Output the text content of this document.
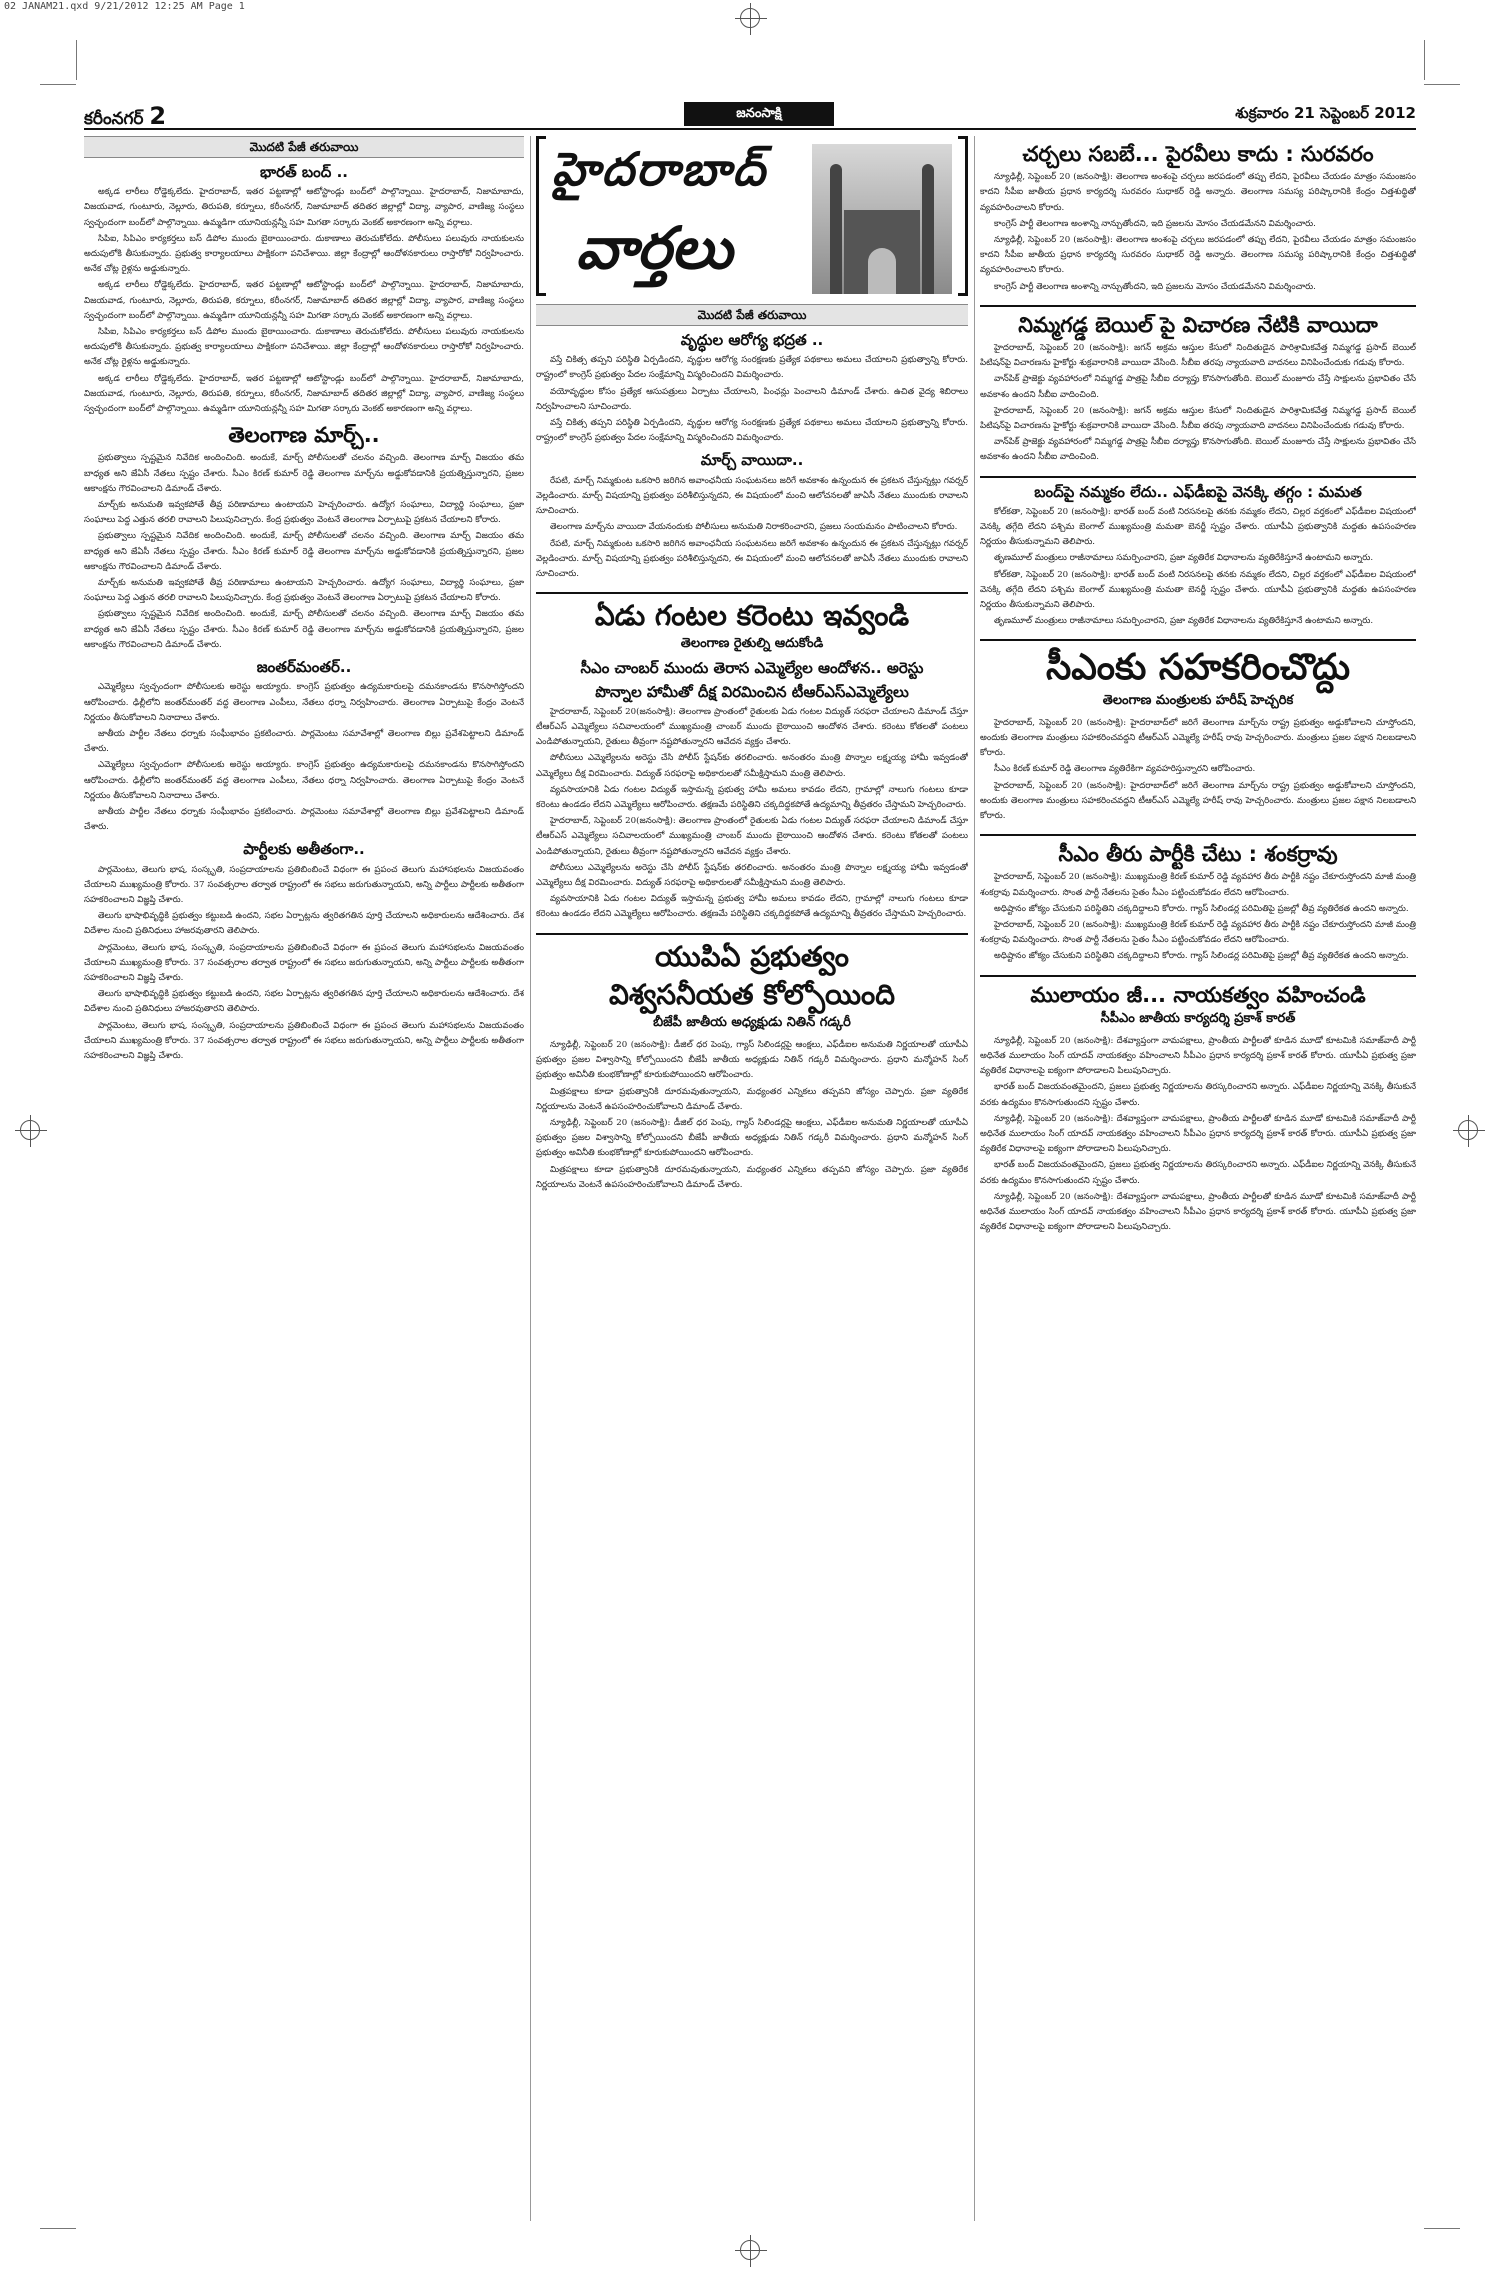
02 JANAM21.qxd 9/21/2012 12:25 AM Page 1
కరీంనగర్ 2	జనంసాక్షి	శుక్రవారం 21 సెప్టెంబర్ 2012
మొదటి పేజీ తరువాయి
భారత్ బంద్ ..

అక్కడ లారీలు రోడ్డెక్కలేదు. హైదరాబాద్, ఇతర పట్టణాల్లో ఆటోస్టాండ్లు బంద్‌లో పాల్గొన్నాయి. హైదరాబాద్, నిజామాబాదు, విజయవాడ, గుంటూరు, నెల్లూరు, తిరుపతి, కర్నూలు, కరీంనగర్, నిజామాబాద్ తదితర జిల్లాల్లో విద్యా, వ్యాపార, వాణిజ్య సంస్థలు స్వచ్ఛందంగా బంద్‌లో పాల్గొన్నాయి. ఉమ్మడిగా యూనియన్లన్నీ సహ మిగతా సర్కారు వెంకట్‌ అకారణంగా అన్ని వర్గాలు.

సిపిఐ, సిపిఎం కార్యకర్తలు బస్ డిపోల ముందు బైఠాయించారు. దుకాణాలు తెరుచుకోలేదు. పోలీసులు పలువురు నాయకులను అదుపులోకి తీసుకున్నారు. ప్రభుత్వ కార్యాలయాలు పాక్షికంగా పనిచేశాయి. జిల్లా కేంద్రాల్లో ఆందోళనకారులు రాస్తారోకో నిర్వహించారు. అనేక చోట్ల రైళ్లను అడ్డుకున్నారు.

అక్కడ లారీలు రోడ్డెక్కలేదు. హైదరాబాద్, ఇతర పట్టణాల్లో ఆటోస్టాండ్లు బంద్‌లో పాల్గొన్నాయి. హైదరాబాద్, నిజామాబాదు, విజయవాడ, గుంటూరు, నెల్లూరు, తిరుపతి, కర్నూలు, కరీంనగర్, నిజామాబాద్ తదితర జిల్లాల్లో విద్యా, వ్యాపార, వాణిజ్య సంస్థలు స్వచ్ఛందంగా బంద్‌లో పాల్గొన్నాయి. ఉమ్మడిగా యూనియన్లన్నీ సహ మిగతా సర్కారు వెంకట్‌ అకారణంగా అన్ని వర్గాలు.

సిపిఐ, సిపిఎం కార్యకర్తలు బస్ డిపోల ముందు బైఠాయించారు. దుకాణాలు తెరుచుకోలేదు. పోలీసులు పలువురు నాయకులను అదుపులోకి తీసుకున్నారు. ప్రభుత్వ కార్యాలయాలు పాక్షికంగా పనిచేశాయి. జిల్లా కేంద్రాల్లో ఆందోళనకారులు రాస్తారోకో నిర్వహించారు. అనేక చోట్ల రైళ్లను అడ్డుకున్నారు.

అక్కడ లారీలు రోడ్డెక్కలేదు. హైదరాబాద్, ఇతర పట్టణాల్లో ఆటోస్టాండ్లు బంద్‌లో పాల్గొన్నాయి. హైదరాబాద్, నిజామాబాదు, విజయవాడ, గుంటూరు, నెల్లూరు, తిరుపతి, కర్నూలు, కరీంనగర్, నిజామాబాద్ తదితర జిల్లాల్లో విద్యా, వ్యాపార, వాణిజ్య సంస్థలు స్వచ్ఛందంగా బంద్‌లో పాల్గొన్నాయి. ఉమ్మడిగా యూనియన్లన్నీ సహ మిగతా సర్కారు వెంకట్‌ అకారణంగా అన్ని వర్గాలు.

తెలంగాణ మార్చ్..

ప్రభుత్వాలు స్పష్టమైన నివేదిక అందించింది. అందుకే, మార్చ్ పోలీసులతో చలనం వచ్చింది. తెలంగాణ మార్చ్ విజయం తమ బాధ్యత అని జేఏసీ నేతలు స్పష్టం చేశారు. సీఎం కిరణ్ కుమార్ రెడ్డి తెలంగాణ మార్చ్‌ను అడ్డుకోవడానికి ప్రయత్నిస్తున్నారని, ప్రజల ఆకాంక్షను గౌరవించాలని డిమాండ్ చేశారు.

మార్చ్‌కు అనుమతి ఇవ్వకపోతే తీవ్ర పరిణామాలు ఉంటాయని హెచ్చరించారు. ఉద్యోగ సంఘాలు, విద్యార్థి సంఘాలు, ప్రజా సంఘాలు పెద్ద ఎత్తున తరలి రావాలని పిలుపునిచ్చారు. కేంద్ర ప్రభుత్వం వెంటనే తెలంగాణ ఏర్పాటుపై ప్రకటన చేయాలని కోరారు.

ప్రభుత్వాలు స్పష్టమైన నివేదిక అందించింది. అందుకే, మార్చ్ పోలీసులతో చలనం వచ్చింది. తెలంగాణ మార్చ్ విజయం తమ బాధ్యత అని జేఏసీ నేతలు స్పష్టం చేశారు. సీఎం కిరణ్ కుమార్ రెడ్డి తెలంగాణ మార్చ్‌ను అడ్డుకోవడానికి ప్రయత్నిస్తున్నారని, ప్రజల ఆకాంక్షను గౌరవించాలని డిమాండ్ చేశారు.

మార్చ్‌కు అనుమతి ఇవ్వకపోతే తీవ్ర పరిణామాలు ఉంటాయని హెచ్చరించారు. ఉద్యోగ సంఘాలు, విద్యార్థి సంఘాలు, ప్రజా సంఘాలు పెద్ద ఎత్తున తరలి రావాలని పిలుపునిచ్చారు. కేంద్ర ప్రభుత్వం వెంటనే తెలంగాణ ఏర్పాటుపై ప్రకటన చేయాలని కోరారు.

ప్రభుత్వాలు స్పష్టమైన నివేదిక అందించింది. అందుకే, మార్చ్ పోలీసులతో చలనం వచ్చింది. తెలంగాణ మార్చ్ విజయం తమ బాధ్యత అని జేఏసీ నేతలు స్పష్టం చేశారు. సీఎం కిరణ్ కుమార్ రెడ్డి తెలంగాణ మార్చ్‌ను అడ్డుకోవడానికి ప్రయత్నిస్తున్నారని, ప్రజల ఆకాంక్షను గౌరవించాలని డిమాండ్ చేశారు.

జంతర్‌మంతర్..

ఎమ్మెల్యేలు స్వచ్ఛందంగా పోలీసులకు అరెస్టు అయ్యారు. కాంగ్రెస్ ప్రభుత్వం ఉద్యమకారులపై దమనకాండను కొనసాగిస్తోందని ఆరోపించారు. ఢిల్లీలోని జంతర్‌మంతర్ వద్ద తెలంగాణ ఎంపీలు, నేతలు ధర్నా నిర్వహించారు. తెలంగాణ ఏర్పాటుపై కేంద్రం వెంటనే నిర్ణయం తీసుకోవాలని నినాదాలు చేశారు.

జాతీయ పార్టీల నేతలు ధర్నాకు సంఘీభావం ప్రకటించారు. పార్లమెంటు సమావేశాల్లో తెలంగాణ బిల్లు ప్రవేశపెట్టాలని డిమాండ్ చేశారు.

ఎమ్మెల్యేలు స్వచ్ఛందంగా పోలీసులకు అరెస్టు అయ్యారు. కాంగ్రెస్ ప్రభుత్వం ఉద్యమకారులపై దమనకాండను కొనసాగిస్తోందని ఆరోపించారు. ఢిల్లీలోని జంతర్‌మంతర్ వద్ద తెలంగాణ ఎంపీలు, నేతలు ధర్నా నిర్వహించారు. తెలంగాణ ఏర్పాటుపై కేంద్రం వెంటనే నిర్ణయం తీసుకోవాలని నినాదాలు చేశారు.

జాతీయ పార్టీల నేతలు ధర్నాకు సంఘీభావం ప్రకటించారు. పార్లమెంటు సమావేశాల్లో తెలంగాణ బిల్లు ప్రవేశపెట్టాలని డిమాండ్ చేశారు.

పార్టీలకు అతీతంగా..

పార్లమెంటు, తెలుగు భాష, సంస్కృతి, సంప్రదాయాలను ప్రతిబింబించే విధంగా ఈ ప్రపంచ తెలుగు మహాసభలను విజయవంతం చేయాలని ముఖ్యమంత్రి కోరారు. 37 సంవత్సరాల తర్వాత రాష్ట్రంలో ఈ సభలు జరుగుతున్నాయని, అన్ని పార్టీలు పార్టీలకు అతీతంగా సహకరించాలని విజ్ఞప్తి చేశారు.

తెలుగు భాషాభివృద్ధికి ప్రభుత్వం కట్టుబడి ఉందని, సభల ఏర్పాట్లను త్వరితగతిన పూర్తి చేయాలని అధికారులను ఆదేశించారు. దేశ విదేశాల నుంచి ప్రతినిధులు హాజరవుతారని తెలిపారు.

పార్లమెంటు, తెలుగు భాష, సంస్కృతి, సంప్రదాయాలను ప్రతిబింబించే విధంగా ఈ ప్రపంచ తెలుగు మహాసభలను విజయవంతం చేయాలని ముఖ్యమంత్రి కోరారు. 37 సంవత్సరాల తర్వాత రాష్ట్రంలో ఈ సభలు జరుగుతున్నాయని, అన్ని పార్టీలు పార్టీలకు అతీతంగా సహకరించాలని విజ్ఞప్తి చేశారు.

తెలుగు భాషాభివృద్ధికి ప్రభుత్వం కట్టుబడి ఉందని, సభల ఏర్పాట్లను త్వరితగతిన పూర్తి చేయాలని అధికారులను ఆదేశించారు. దేశ విదేశాల నుంచి ప్రతినిధులు హాజరవుతారని తెలిపారు.

పార్లమెంటు, తెలుగు భాష, సంస్కృతి, సంప్రదాయాలను ప్రతిబింబించే విధంగా ఈ ప్రపంచ తెలుగు మహాసభలను విజయవంతం చేయాలని ముఖ్యమంత్రి కోరారు. 37 సంవత్సరాల తర్వాత రాష్ట్రంలో ఈ సభలు జరుగుతున్నాయని, అన్ని పార్టీలు పార్టీలకు అతీతంగా సహకరించాలని విజ్ఞప్తి చేశారు.

హైదరాబాద్
వార్తలు
మొదటి పేజీ తరువాయి
వృద్ధుల ఆరోగ్య భద్రత ..

వస్తే చికిత్స తప్పని పరిస్థితి ఏర్పడిందని, వృద్ధుల ఆరోగ్య సంరక్షణకు ప్రత్యేక పథకాలు అమలు చేయాలని ప్రభుత్వాన్ని కోరారు. రాష్ట్రంలో కాంగ్రెస్ ప్రభుత్వం పేదల సంక్షేమాన్ని విస్మరించిందని విమర్శించారు.

వయోవృద్ధుల కోసం ప్రత్యేక ఆసుపత్రులు ఏర్పాటు చేయాలని, పింఛన్లు పెంచాలని డిమాండ్ చేశారు. ఉచిత వైద్య శిబిరాలు నిర్వహించాలని సూచించారు.

వస్తే చికిత్స తప్పని పరిస్థితి ఏర్పడిందని, వృద్ధుల ఆరోగ్య సంరక్షణకు ప్రత్యేక పథకాలు అమలు చేయాలని ప్రభుత్వాన్ని కోరారు. రాష్ట్రంలో కాంగ్రెస్ ప్రభుత్వం పేదల సంక్షేమాన్ని విస్మరించిందని విమర్శించారు.

మార్చ్ వాయిదా..

రేపటి, మార్చ్ నిమ్మకుంట ఒకసారి జరిగిన అవాంఛనీయ సంఘటనలు జరిగే అవకాశం ఉన్నందున ఈ ప్రకటన చేస్తున్నట్లు గవర్నర్ వెల్లడించారు. మార్చ్ విషయాన్ని ప్రభుత్వం పరిశీలిస్తున్నదని, ఈ విషయంలో మంచి ఆలోచనలతో జాఏసీ నేతలు ముందుకు రావాలని సూచించారు.

తెలంగాణ మార్చ్‌ను వాయిదా వేయనందుకు పోలీసులు అనుమతి నిరాకరించారని, ప్రజలు సంయమనం పాటించాలని కోరారు.

రేపటి, మార్చ్ నిమ్మకుంట ఒకసారి జరిగిన అవాంఛనీయ సంఘటనలు జరిగే అవకాశం ఉన్నందున ఈ ప్రకటన చేస్తున్నట్లు గవర్నర్ వెల్లడించారు. మార్చ్ విషయాన్ని ప్రభుత్వం పరిశీలిస్తున్నదని, ఈ విషయంలో మంచి ఆలోచనలతో జాఏసీ నేతలు ముందుకు రావాలని సూచించారు.

ఏడు గంటల కరెంటు ఇవ్వండి
తెలంగాణ రైతుల్ని ఆదుకోండి
సీఎం చాంబర్ ముందు తెరాస ఎమ్మెల్యేల ఆందోళన.. అరెస్టు
పొన్నాల హామీతో దీక్ష విరమించిన టీఆర్ఎస్ఎమ్మెల్యేలు

హైదరాబాద్, సెప్టెంబర్ 20(జనంసాక్షి): తెలంగాణ ప్రాంతంలో రైతులకు ఏడు గంటల విద్యుత్ సరఫరా చేయాలని డిమాండ్ చేస్తూ టీఆర్ఎస్ ఎమ్మెల్యేలు సచివాలయంలో ముఖ్యమంత్రి చాంబర్ ముందు బైఠాయించి ఆందోళన చేశారు. కరెంటు కోతలతో పంటలు ఎండిపోతున్నాయని, రైతులు తీవ్రంగా నష్టపోతున్నారని ఆవేదన వ్యక్తం చేశారు.

పోలీసులు ఎమ్మెల్యేలను అరెస్టు చేసి పోలీస్ స్టేషన్‌కు తరలించారు. అనంతరం మంత్రి పొన్నాల లక్ష్మయ్య హామీ ఇవ్వడంతో ఎమ్మెల్యేలు దీక్ష విరమించారు. విద్యుత్ సరఫరాపై అధికారులతో సమీక్షిస్తామని మంత్రి తెలిపారు.

వ్యవసాయానికి ఏడు గంటల విద్యుత్ ఇస్తామన్న ప్రభుత్వ హామీ అమలు కావడం లేదని, గ్రామాల్లో నాలుగు గంటలు కూడా కరెంటు ఉండడం లేదని ఎమ్మెల్యేలు ఆరోపించారు. తక్షణమే పరిస్థితిని చక్కదిద్దకపోతే ఉద్యమాన్ని తీవ్రతరం చేస్తామని హెచ్చరించారు.

హైదరాబాద్, సెప్టెంబర్ 20(జనంసాక్షి): తెలంగాణ ప్రాంతంలో రైతులకు ఏడు గంటల విద్యుత్ సరఫరా చేయాలని డిమాండ్ చేస్తూ టీఆర్ఎస్ ఎమ్మెల్యేలు సచివాలయంలో ముఖ్యమంత్రి చాంబర్ ముందు బైఠాయించి ఆందోళన చేశారు. కరెంటు కోతలతో పంటలు ఎండిపోతున్నాయని, రైతులు తీవ్రంగా నష్టపోతున్నారని ఆవేదన వ్యక్తం చేశారు.

పోలీసులు ఎమ్మెల్యేలను అరెస్టు చేసి పోలీస్ స్టేషన్‌కు తరలించారు. అనంతరం మంత్రి పొన్నాల లక్ష్మయ్య హామీ ఇవ్వడంతో ఎమ్మెల్యేలు దీక్ష విరమించారు. విద్యుత్ సరఫరాపై అధికారులతో సమీక్షిస్తామని మంత్రి తెలిపారు.

వ్యవసాయానికి ఏడు గంటల విద్యుత్ ఇస్తామన్న ప్రభుత్వ హామీ అమలు కావడం లేదని, గ్రామాల్లో నాలుగు గంటలు కూడా కరెంటు ఉండడం లేదని ఎమ్మెల్యేలు ఆరోపించారు. తక్షణమే పరిస్థితిని చక్కదిద్దకపోతే ఉద్యమాన్ని తీవ్రతరం చేస్తామని హెచ్చరించారు.

యుపిఏ ప్రభుత్వం
విశ్వసనీయత కోల్పోయింది
బీజేపీ జాతీయ అధ్యక్షుడు నితిన్ గడ్కరీ

న్యూఢిల్లీ, సెప్టెంబర్ 20 (జనంసాక్షి): డీజిల్ ధర పెంపు, గ్యాస్ సిలిండర్లపై ఆంక్షలు, ఎఫ్‌డీఐల అనుమతి నిర్ణయాలతో యూపీఏ ప్రభుత్వం ప్రజల విశ్వాసాన్ని కోల్పోయిందని బీజేపీ జాతీయ అధ్యక్షుడు నితిన్ గడ్కరీ విమర్శించారు. ప్రధాని మన్మోహన్ సింగ్ ప్రభుత్వం అవినీతి కుంభకోణాల్లో కూరుకుపోయిందని ఆరోపించారు.

మిత్రపక్షాలు కూడా ప్రభుత్వానికి దూరమవుతున్నాయని, మధ్యంతర ఎన్నికలు తప్పవని జోస్యం చెప్పారు. ప్రజా వ్యతిరేక నిర్ణయాలను వెంటనే ఉపసంహరించుకోవాలని డిమాండ్ చేశారు.

న్యూఢిల్లీ, సెప్టెంబర్ 20 (జనంసాక్షి): డీజిల్ ధర పెంపు, గ్యాస్ సిలిండర్లపై ఆంక్షలు, ఎఫ్‌డీఐల అనుమతి నిర్ణయాలతో యూపీఏ ప్రభుత్వం ప్రజల విశ్వాసాన్ని కోల్పోయిందని బీజేపీ జాతీయ అధ్యక్షుడు నితిన్ గడ్కరీ విమర్శించారు. ప్రధాని మన్మోహన్ సింగ్ ప్రభుత్వం అవినీతి కుంభకోణాల్లో కూరుకుపోయిందని ఆరోపించారు.

మిత్రపక్షాలు కూడా ప్రభుత్వానికి దూరమవుతున్నాయని, మధ్యంతర ఎన్నికలు తప్పవని జోస్యం చెప్పారు. ప్రజా వ్యతిరేక నిర్ణయాలను వెంటనే ఉపసంహరించుకోవాలని డిమాండ్ చేశారు.

చర్చలు సబబే... పైరవీలు కాదు : సురవరం

న్యూఢిల్లీ, సెప్టెంబర్ 20 (జనంసాక్షి): తెలంగాణ అంశంపై చర్చలు జరపడంలో తప్పు లేదని, పైరవీలు చేయడం మాత్రం సమంజసం కాదని సీపీఐ జాతీయ ప్రధాన కార్యదర్శి సురవరం సుధాకర్ రెడ్డి అన్నారు. తెలంగాణ సమస్య పరిష్కారానికి కేంద్రం చిత్తశుద్ధితో వ్యవహరించాలని కోరారు.

కాంగ్రెస్ పార్టీ తెలంగాణ అంశాన్ని నాన్చుతోందని, ఇది ప్రజలను మోసం చేయడమేనని విమర్శించారు.

న్యూఢిల్లీ, సెప్టెంబర్ 20 (జనంసాక్షి): తెలంగాణ అంశంపై చర్చలు జరపడంలో తప్పు లేదని, పైరవీలు చేయడం మాత్రం సమంజసం కాదని సీపీఐ జాతీయ ప్రధాన కార్యదర్శి సురవరం సుధాకర్ రెడ్డి అన్నారు. తెలంగాణ సమస్య పరిష్కారానికి కేంద్రం చిత్తశుద్ధితో వ్యవహరించాలని కోరారు.

కాంగ్రెస్ పార్టీ తెలంగాణ అంశాన్ని నాన్చుతోందని, ఇది ప్రజలను మోసం చేయడమేనని విమర్శించారు.

నిమ్మగడ్డ బెయిల్ పై విచారణ నేటికి వాయిదా

హైదరాబాద్, సెప్టెంబర్ 20 (జనంసాక్షి): జగన్ అక్రమ ఆస్తుల కేసులో నిందితుడైన పారిశ్రామికవేత్త నిమ్మగడ్డ ప్రసాద్ బెయిల్ పిటిషన్‌పై విచారణను హైకోర్టు శుక్రవారానికి వాయిదా వేసింది. సీబీఐ తరపు న్యాయవాది వాదనలు వినిపించేందుకు గడువు కోరారు.

వాన్‌పిక్ ప్రాజెక్టు వ్యవహారంలో నిమ్మగడ్డ పాత్రపై సీబీఐ దర్యాప్తు కొనసాగుతోంది. బెయిల్ మంజూరు చేస్తే సాక్షులను ప్రభావితం చేసే అవకాశం ఉందని సీబీఐ వాదించింది.

హైదరాబాద్, సెప్టెంబర్ 20 (జనంసాక్షి): జగన్ అక్రమ ఆస్తుల కేసులో నిందితుడైన పారిశ్రామికవేత్త నిమ్మగడ్డ ప్రసాద్ బెయిల్ పిటిషన్‌పై విచారణను హైకోర్టు శుక్రవారానికి వాయిదా వేసింది. సీబీఐ తరపు న్యాయవాది వాదనలు వినిపించేందుకు గడువు కోరారు.

వాన్‌పిక్ ప్రాజెక్టు వ్యవహారంలో నిమ్మగడ్డ పాత్రపై సీబీఐ దర్యాప్తు కొనసాగుతోంది. బెయిల్ మంజూరు చేస్తే సాక్షులను ప్రభావితం చేసే అవకాశం ఉందని సీబీఐ వాదించింది.

బంద్‌పై నమ్మకం లేదు.. ఎఫ్‌డీఐపై వెనక్కి తగ్గం : మమత

కోల్‌కతా, సెప్టెంబర్ 20 (జనంసాక్షి): భారత్ బంద్ వంటి నిరసనలపై తనకు నమ్మకం లేదని, చిల్లర వర్తకంలో ఎఫ్‌డీఐల విషయంలో వెనక్కి తగ్గేది లేదని పశ్చిమ బెంగాల్ ముఖ్యమంత్రి మమతా బెనర్జీ స్పష్టం చేశారు. యూపీఏ ప్రభుత్వానికి మద్దతు ఉపసంహరణ నిర్ణయం తీసుకున్నామని తెలిపారు.

తృణమూల్ మంత్రులు రాజీనామాలు సమర్పించారని, ప్రజా వ్యతిరేక విధానాలను వ్యతిరేకిస్తూనే ఉంటామని అన్నారు.

కోల్‌కతా, సెప్టెంబర్ 20 (జనంసాక్షి): భారత్ బంద్ వంటి నిరసనలపై తనకు నమ్మకం లేదని, చిల్లర వర్తకంలో ఎఫ్‌డీఐల విషయంలో వెనక్కి తగ్గేది లేదని పశ్చిమ బెంగాల్ ముఖ్యమంత్రి మమతా బెనర్జీ స్పష్టం చేశారు. యూపీఏ ప్రభుత్వానికి మద్దతు ఉపసంహరణ నిర్ణయం తీసుకున్నామని తెలిపారు.

తృణమూల్ మంత్రులు రాజీనామాలు సమర్పించారని, ప్రజా వ్యతిరేక విధానాలను వ్యతిరేకిస్తూనే ఉంటామని అన్నారు.

సీఎంకు సహకరించొద్దు
తెలంగాణ మంత్రులకు హరీష్ హెచ్చరిక

హైదరాబాద్, సెప్టెంబర్ 20 (జనంసాక్షి): హైదరాబాద్‌లో జరిగే తెలంగాణ మార్చ్‌ను రాష్ట్ర ప్రభుత్వం అడ్డుకోవాలని చూస్తోందని, అందుకు తెలంగాణ మంత్రులు సహకరించవద్దని టీఆర్ఎస్ ఎమ్మెల్యే హరీష్ రావు హెచ్చరించారు. మంత్రులు ప్రజల పక్షాన నిలబడాలని కోరారు.

సీఎం కిరణ్ కుమార్ రెడ్డి తెలంగాణ వ్యతిరేకిగా వ్యవహరిస్తున్నారని ఆరోపించారు.

హైదరాబాద్, సెప్టెంబర్ 20 (జనంసాక్షి): హైదరాబాద్‌లో జరిగే తెలంగాణ మార్చ్‌ను రాష్ట్ర ప్రభుత్వం అడ్డుకోవాలని చూస్తోందని, అందుకు తెలంగాణ మంత్రులు సహకరించవద్దని టీఆర్ఎస్ ఎమ్మెల్యే హరీష్ రావు హెచ్చరించారు. మంత్రులు ప్రజల పక్షాన నిలబడాలని కోరారు.

సీఎం తీరు పార్టీకి చేటు : శంకర్రావు

హైదరాబాద్, సెప్టెంబర్ 20 (జనంసాక్షి): ముఖ్యమంత్రి కిరణ్ కుమార్ రెడ్డి వ్యవహార తీరు పార్టీకి నష్టం చేకూరుస్తోందని మాజీ మంత్రి శంకర్రావు విమర్శించారు. సొంత పార్టీ నేతలను సైతం సీఎం పట్టించుకోవడం లేదని ఆరోపించారు.

అధిష్టానం జోక్యం చేసుకుని పరిస్థితిని చక్కదిద్దాలని కోరారు. గ్యాస్ సిలిండర్ల పరిమితిపై ప్రజల్లో తీవ్ర వ్యతిరేకత ఉందని అన్నారు.

హైదరాబాద్, సెప్టెంబర్ 20 (జనంసాక్షి): ముఖ్యమంత్రి కిరణ్ కుమార్ రెడ్డి వ్యవహార తీరు పార్టీకి నష్టం చేకూరుస్తోందని మాజీ మంత్రి శంకర్రావు విమర్శించారు. సొంత పార్టీ నేతలను సైతం సీఎం పట్టించుకోవడం లేదని ఆరోపించారు.

అధిష్టానం జోక్యం చేసుకుని పరిస్థితిని చక్కదిద్దాలని కోరారు. గ్యాస్ సిలిండర్ల పరిమితిపై ప్రజల్లో తీవ్ర వ్యతిరేకత ఉందని అన్నారు.

ములాయం జీ... నాయకత్వం వహించండి
సీపీఎం జాతీయ కార్యదర్శి ప్రకాశ్ కారత్

న్యూఢిల్లీ, సెప్టెంబర్ 20 (జనంసాక్షి): దేశవ్యాప్తంగా వామపక్షాలు, ప్రాంతీయ పార్టీలతో కూడిన మూడో కూటమికి సమాజ్‌వాదీ పార్టీ అధినేత ములాయం సింగ్ యాదవ్ నాయకత్వం వహించాలని సీపీఎం ప్రధాన కార్యదర్శి ప్రకాశ్ కారత్ కోరారు. యూపీఏ ప్రభుత్వ ప్రజా వ్యతిరేక విధానాలపై ఐక్యంగా పోరాడాలని పిలుపునిచ్చారు.

భారత్ బంద్ విజయవంతమైందని, ప్రజలు ప్రభుత్వ నిర్ణయాలను తిరస్కరించారని అన్నారు. ఎఫ్‌డీఐల నిర్ణయాన్ని వెనక్కి తీసుకునే వరకు ఉద్యమం కొనసాగుతుందని స్పష్టం చేశారు.

న్యూఢిల్లీ, సెప్టెంబర్ 20 (జనంసాక్షి): దేశవ్యాప్తంగా వామపక్షాలు, ప్రాంతీయ పార్టీలతో కూడిన మూడో కూటమికి సమాజ్‌వాదీ పార్టీ అధినేత ములాయం సింగ్ యాదవ్ నాయకత్వం వహించాలని సీపీఎం ప్రధాన కార్యదర్శి ప్రకాశ్ కారత్ కోరారు. యూపీఏ ప్రభుత్వ ప్రజా వ్యతిరేక విధానాలపై ఐక్యంగా పోరాడాలని పిలుపునిచ్చారు.

భారత్ బంద్ విజయవంతమైందని, ప్రజలు ప్రభుత్వ నిర్ణయాలను తిరస్కరించారని అన్నారు. ఎఫ్‌డీఐల నిర్ణయాన్ని వెనక్కి తీసుకునే వరకు ఉద్యమం కొనసాగుతుందని స్పష్టం చేశారు.

న్యూఢిల్లీ, సెప్టెంబర్ 20 (జనంసాక్షి): దేశవ్యాప్తంగా వామపక్షాలు, ప్రాంతీయ పార్టీలతో కూడిన మూడో కూటమికి సమాజ్‌వాదీ పార్టీ అధినేత ములాయం సింగ్ యాదవ్ నాయకత్వం వహించాలని సీపీఎం ప్రధాన కార్యదర్శి ప్రకాశ్ కారత్ కోరారు. యూపీఏ ప్రభుత్వ ప్రజా వ్యతిరేక విధానాలపై ఐక్యంగా పోరాడాలని పిలుపునిచ్చారు.
